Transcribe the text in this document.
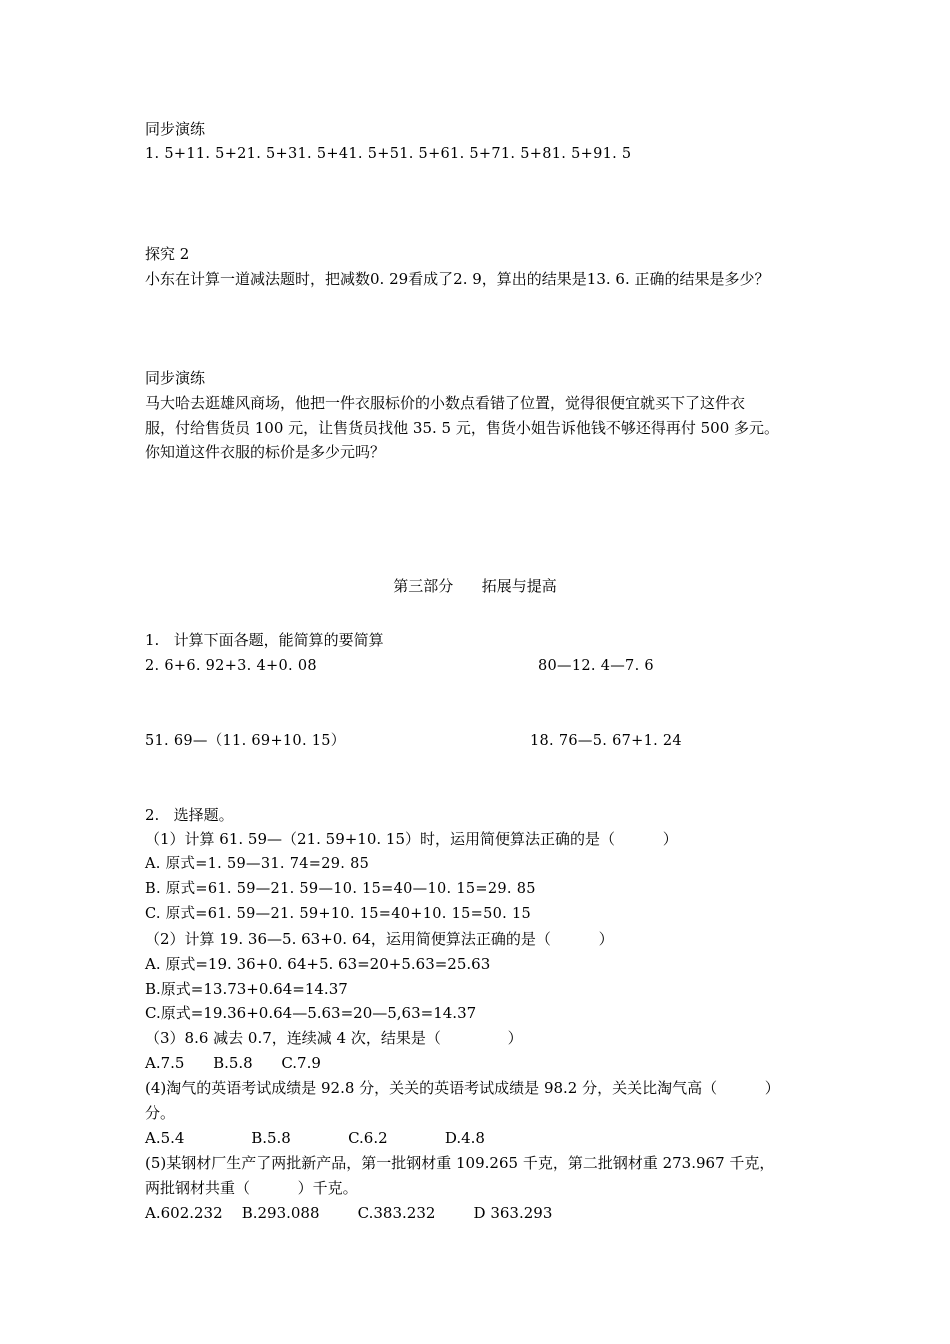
同步演练
1. 5+11. 5+21. 5+31. 5+41. 5+51. 5+61. 5+71. 5+81. 5+91. 5
探究 2
小东在计算一道减法题时，把减数0. 29看成了2. 9，算出的结果是13. 6. 正确的结果是多少？
同步演练
马大哈去逛雄风商场，他把一件衣服标价的小数点看错了位置，觉得很便宜就买下了这件衣
服，付给售货员 100 元，让售货员找他 35. 5 元，售货小姐告诉他钱不够还得再付 500 多元。
你知道这件衣服的标价是多少元吗？
第三部分      拓展与提高
1.   计算下面各题，能简算的要简算
2. 6+6. 92+3. 4+0. 08	80—12. 4—7. 6
51. 69—（11. 69+10. 15）	18. 76—5. 67+1. 24
2.   选择题。
（1）计算 61. 59—（21. 59+10. 15）时，运用简便算法正确的是（          ）
A. 原式=1. 59—31. 74=29. 85
B. 原式=61. 59—21. 59—10. 15=40—10. 15=29. 85
C. 原式=61. 59—21. 59+10. 15=40+10. 15=50. 15
（2）计算 19. 36—5. 63+0. 64，运用简便算法正确的是（          ）
A. 原式=19. 36+0. 64+5. 63=20+5.63=25.63
B.原式=13.73+0.64=14.37
C.原式=19.36+0.64—5.63=20—5,63=14.37
（3）8.6 减去 0.7，连续减 4 次，结果是（              ）
A.7.5      B.5.8      C.7.9
(4)淘气的英语考试成绩是 92.8 分，关关的英语考试成绩是 98.2 分，关关比淘气高（          ）
分。
A.5.4              B.5.8            C.6.2            D.4.8
(5)某钢材厂生产了两批新产品，第一批钢材重 109.265 千克，第二批钢材重 273.967 千克，
两批钢材共重（          ）千克。
A.602.232    B.293.088        C.383.232        D 363.293
